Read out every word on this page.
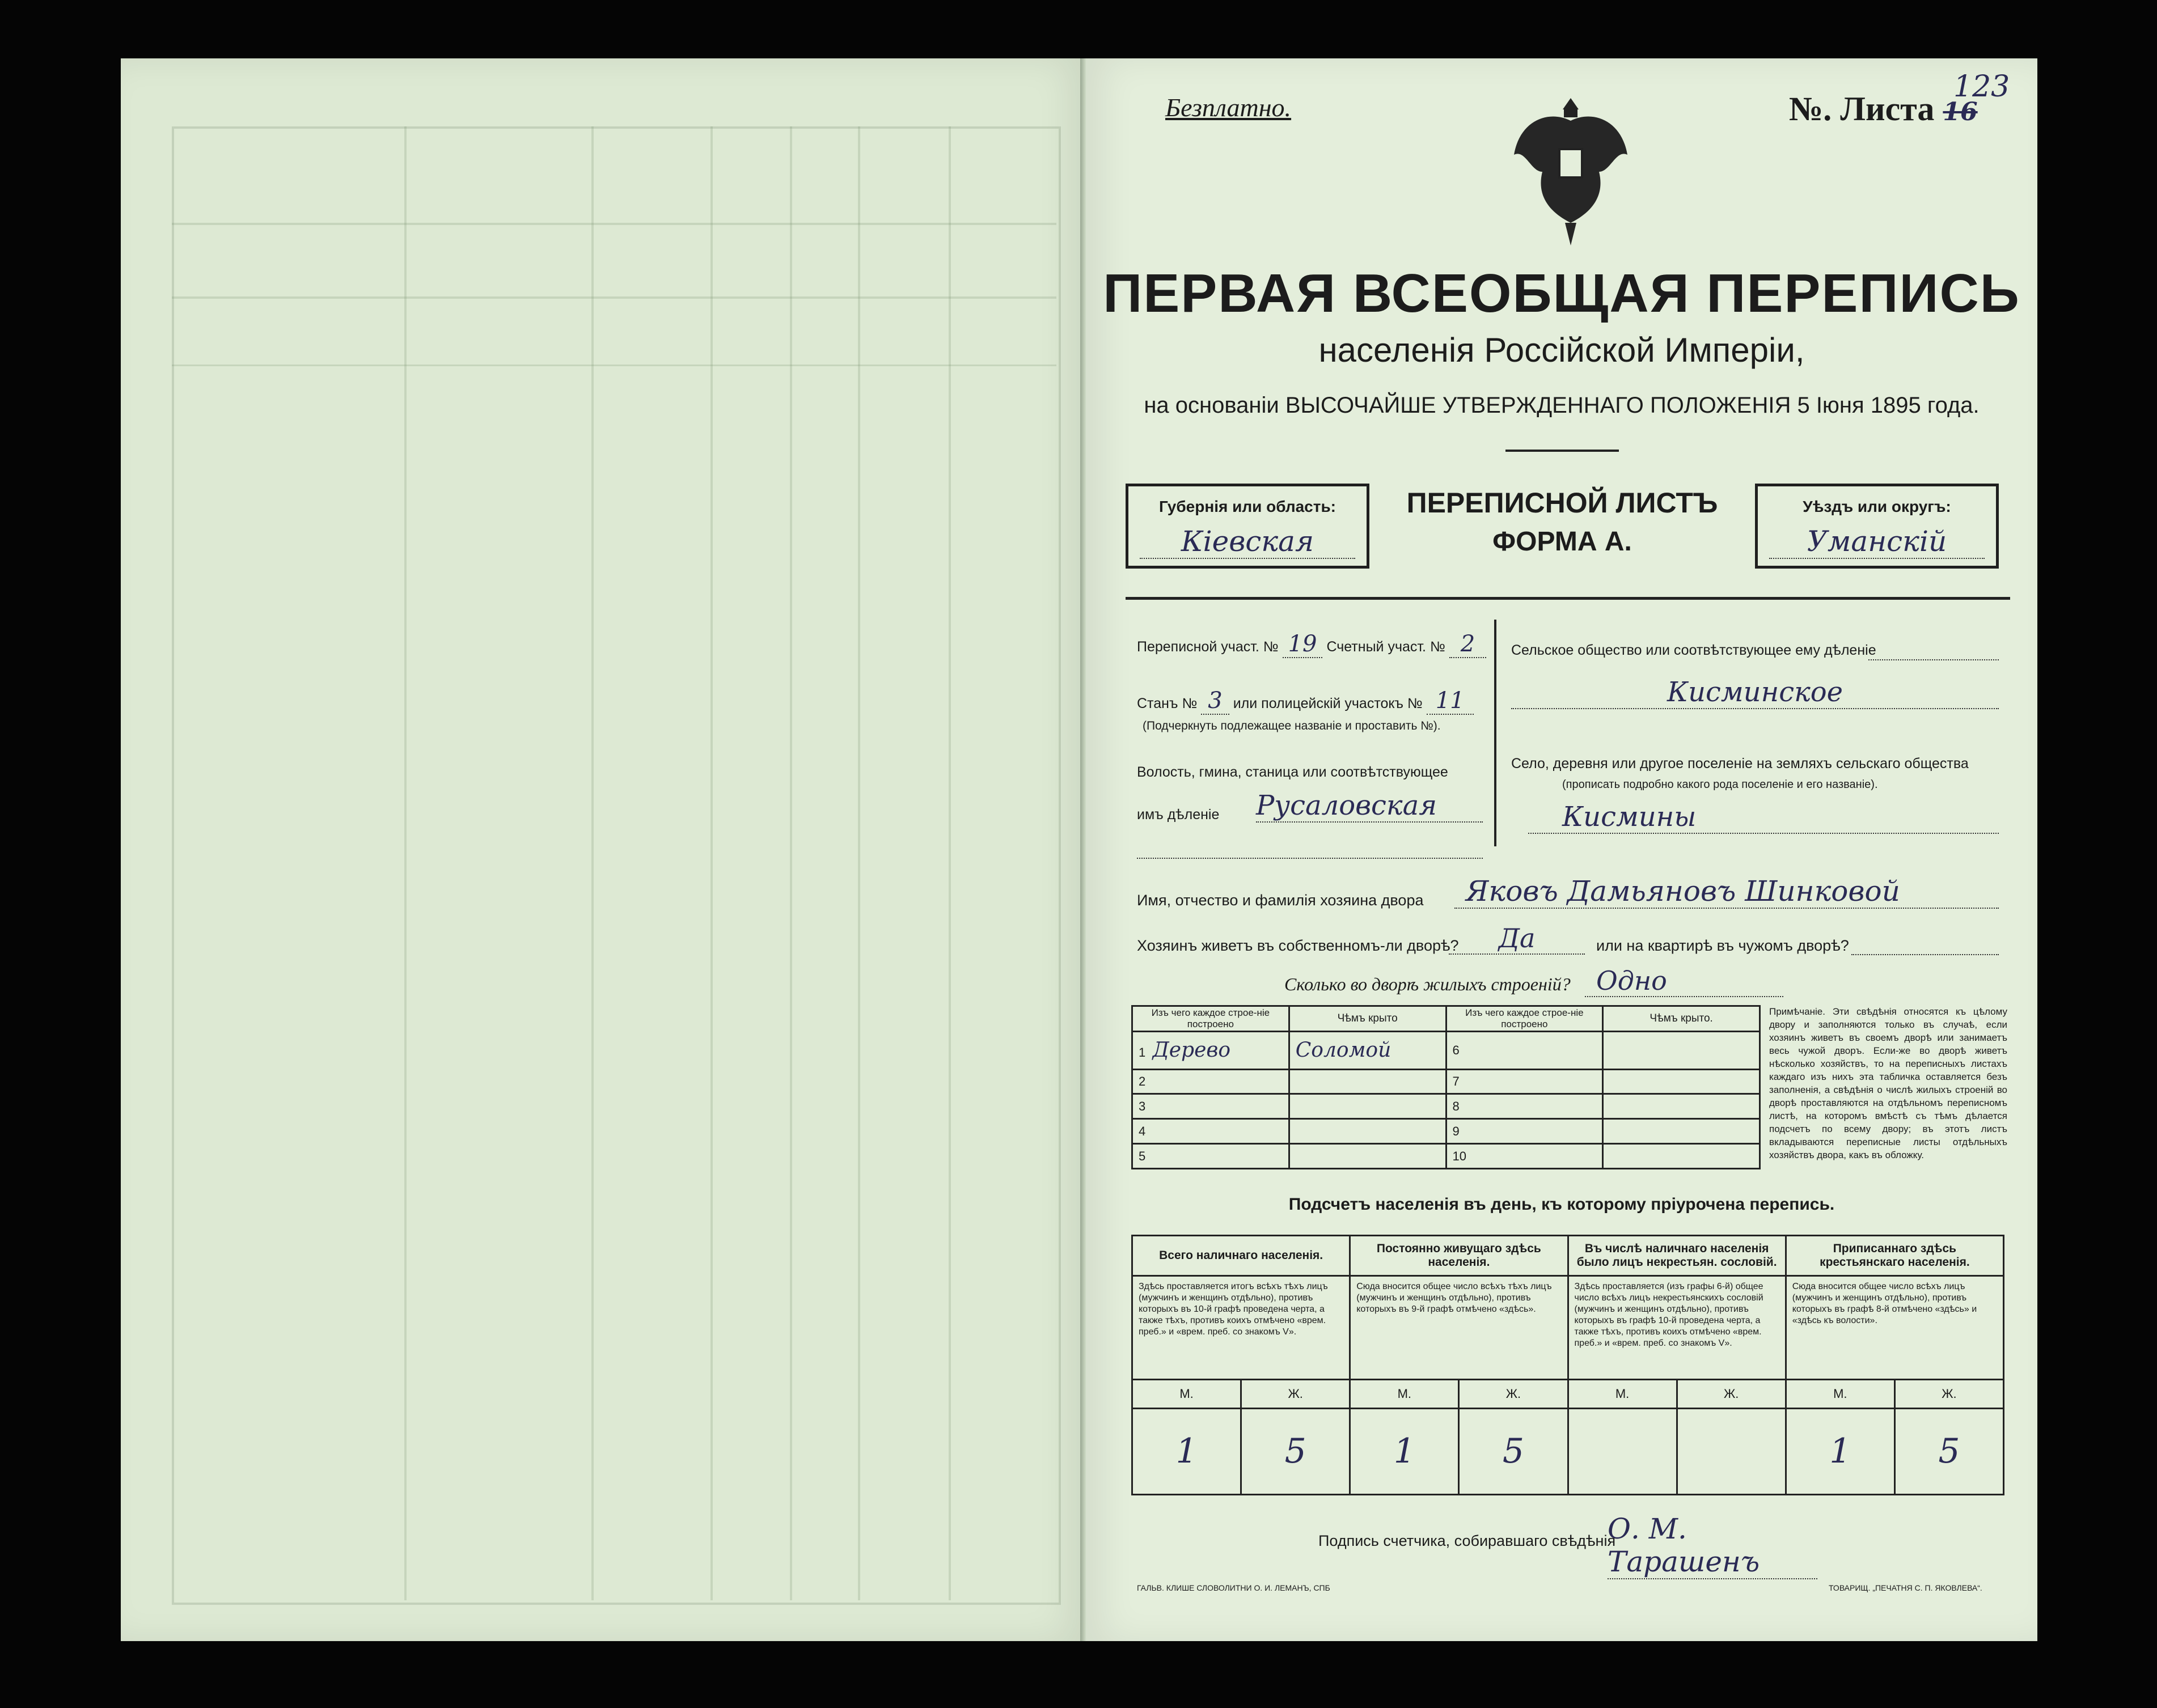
Безплатно.	№. Листа 16
123
ПЕРВАЯ ВСЕОБЩАЯ ПЕРЕПИСЬ
населенія Россійской Имперіи,
на основаніи ВЫСОЧАЙШЕ УТВЕРЖДЕННАГО ПОЛОЖЕНІЯ 5 Іюня 1895 года.
Губернія или область:
Кіевская
ПЕРЕПИСНОЙ ЛИСТЪ
ФОРМА А.
Уѣздъ или округъ:
Уманскій
Переписной участ. № 19 Счетный участ. № 2
Станъ № 3 или полицейскій участокъ № 11
(Подчеркнуть подлежащее названіе и проставить №).
Волость, гмина, станица или соотвѣтствующее
имъ дѣленіе Русаловская
Сельское общество или соотвѣтствующее ему дѣленіе
Кисминское
Село, деревня или другое поселеніе на земляхъ сельскаго общества
(прописать подробно какого рода поселеніе и его названіе).
Кисмины
Имя, отчество и фамилія хозяина двора	Яковъ Дамьяновъ Шинковой
Хозяинъ живетъ въ собственномъ-ли дворѣ?	Да	или на квартирѣ въ чужомъ дворѣ?
Сколько во дворѣ жилыхъ строеній? Одно
Изъ чего каждое строе-ніе построено	Чѣмъ крыто	Изъ чего каждое строе-ніе построено	Чѣмъ крыто.
1 Дерево	Соломой	6	
2		7	
3		8	
4		9	
5		10	
Примѣчаніе. Эти свѣдѣнія относятся къ цѣлому двору и заполняются только въ случаѣ, если хозяинъ живетъ въ своемъ дворѣ или занимаетъ весь чужой дворъ. Если-же во дворѣ живетъ нѣсколько хозяйствъ, то на переписныхъ листахъ каждаго изъ нихъ эта табличка оставляется безъ заполненія, а свѣдѣнія о числѣ жилыхъ строеній во дворѣ проставляются на отдѣльномъ переписномъ листѣ, на которомъ вмѣстѣ съ тѣмъ дѣлается подсчетъ по всему двору; въ этотъ листъ вкладываются переписные листы отдѣльныхъ хозяйствъ двора, какъ въ обложку.
Подсчетъ населенія въ день, къ которому пріурочена перепись.
Всего наличнаго населенія.		Постоянно живущаго здѣсь населенія.		Въ числѣ наличнаго населенія было лицъ некрестьян. сословій.		Приписаннаго здѣсь крестьянскаго населенія.	
Здѣсь проставляется итогъ всѣхъ тѣхъ лицъ (мужчинъ и женщинъ отдѣльно), противъ которыхъ въ 10-й графѣ проведена черта, а также тѣхъ, противъ коихъ отмѣчено «врем. преб.» и «врем. преб. со знакомъ V».		Сюда вносится общее число всѣхъ тѣхъ лицъ (мужчинъ и женщинъ отдѣльно), противъ которыхъ въ 9-й графѣ отмѣчено «здѣсь».		Здѣсь проставляется (изъ графы 6-й) общее число всѣхъ лицъ некрестьянскихъ сословій (мужчинъ и женщинъ отдѣльно), противъ которыхъ въ графѣ 10-й проведена черта, а также тѣхъ, противъ коихъ отмѣчено «врем. преб.» и «врем. преб. со знакомъ V».		Сюда вносится общее число всѣхъ лицъ (мужчинъ и женщинъ отдѣльно), противъ которыхъ въ графѣ 8-й отмѣчено «здѣсь» и «здѣсь къ волости».	
М.	Ж.	М.	Ж.	М.	Ж.	М.	Ж.
1	5	1	5			1	5
Подпись счетчика, собиравшаго свѣдѣнія
О. М. Тарашенъ
ГАЛЬВ. КЛИШЕ СЛОВОЛИТНИ О. И. ЛЕМАНЪ, СПБ	ТОВАРИЩ. „ПЕЧАТНЯ С. П. ЯКОВЛЕВА“.
